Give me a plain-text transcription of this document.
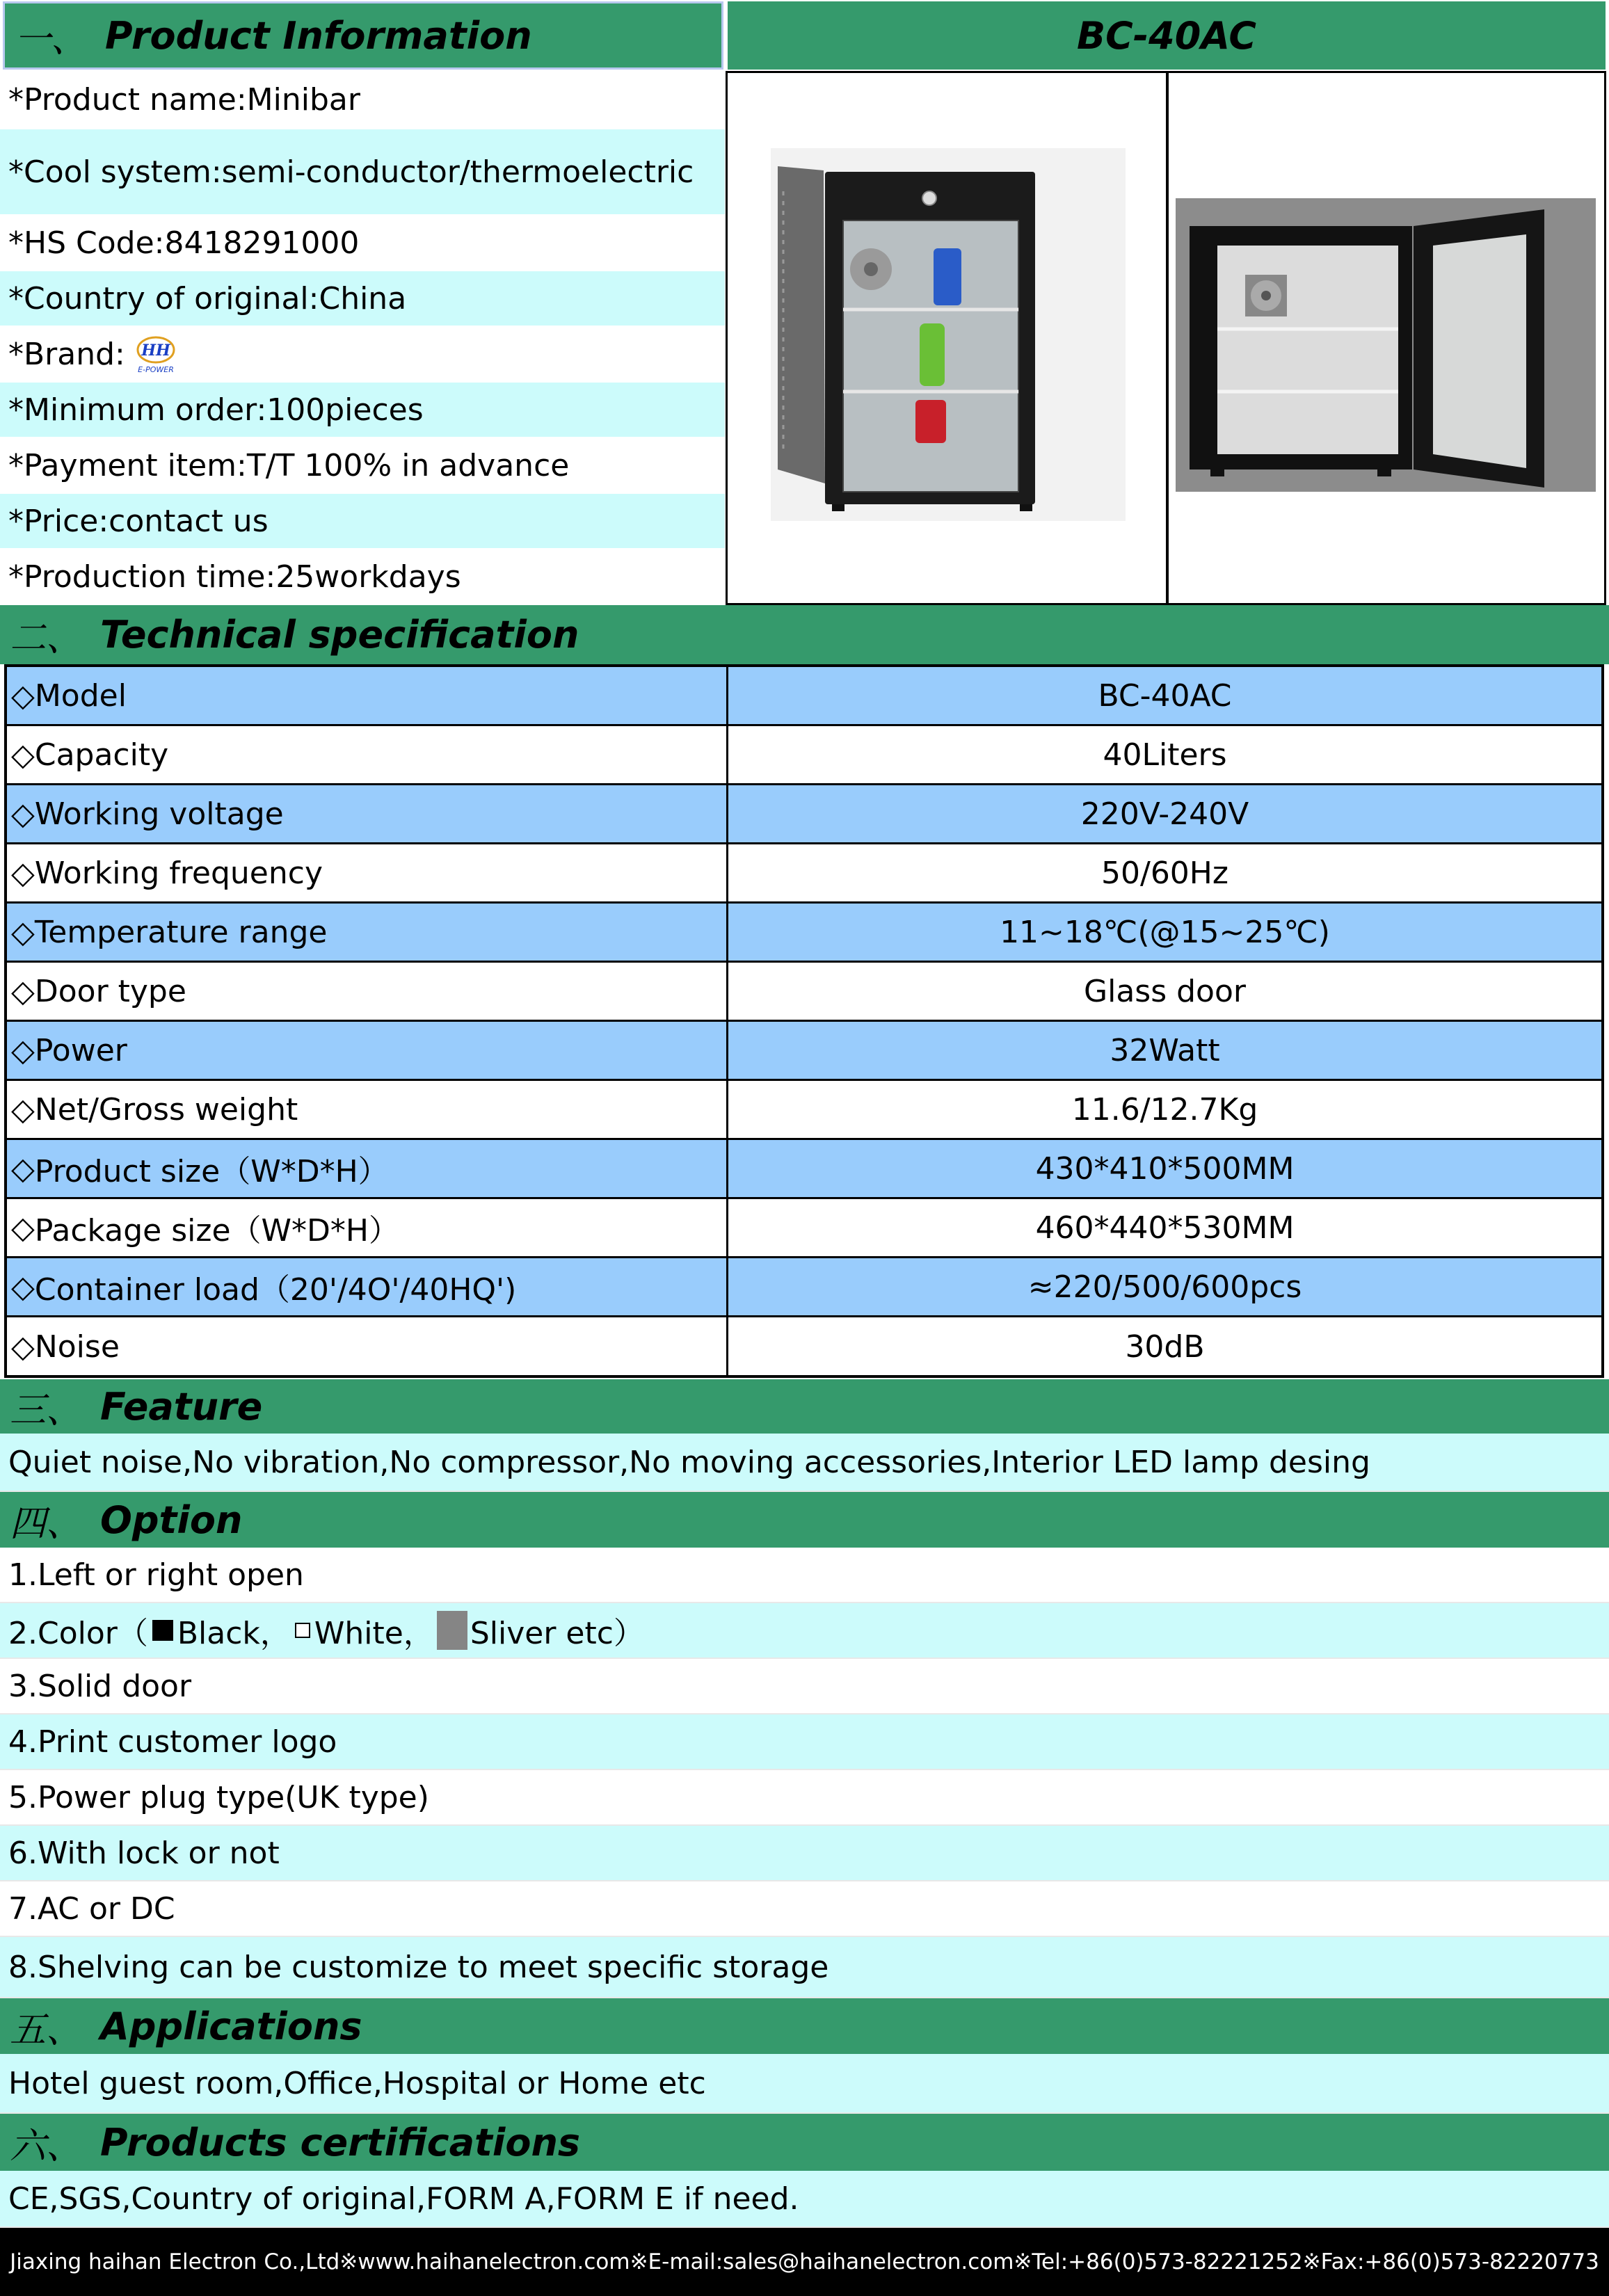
一、 Product Information	BC-40AC
*Product name:Minibar
*Cool system:semi-conductor/thermoelectric
*HS Code:8418291000
*Country of original:China
*Brand: HH
E-POWER
*Minimum order:100pieces
*Payment item:T/T 100% in advance
*Price:contact us
*Production time:25workdays
二、 Technical specification
◇ Model	BC-40AC
◇ Capacity	40Liters
◇ Working voltage	220V-240V
◇ Working frequency	50/60Hz
◇ Temperature range	11~18℃(@15~25℃)
◇ Door type	Glass door
◇ Power	32Watt
◇ Net/Gross weight	11.6/12.7Kg
◇ Product size（W*D*H）	430*410*500MM
◇ Package size（W*D*H）	460*440*530MM
◇ Container load（20'/4O'/40HQ')	≈220/500/600pcs
◇ Noise	30dB
三、 Feature
Quiet noise,No vibration,No compressor,No moving accessories,Interior LED lamp desing
四、 Option
1.Left or right open
2.Color（ Black， White， Sliver etc）
3.Solid door
4.Print customer logo
5.Power plug type(UK type)
6.With lock or not
7.AC or DC
8.Shelving can be customize to meet specific storage
五、 Applications
Hotel guest room,Office,Hospital or Home etc
六、 Products certifications
CE,SGS,Country of original,FORM A,FORM E if need.
Jiaxing haihan Electron Co.,Ltd※www.haihanelectron.com※E-mail:sales@haihanelectron.com※Tel:+86(0)573-82221252※Fax:+86(0)573-82220773
